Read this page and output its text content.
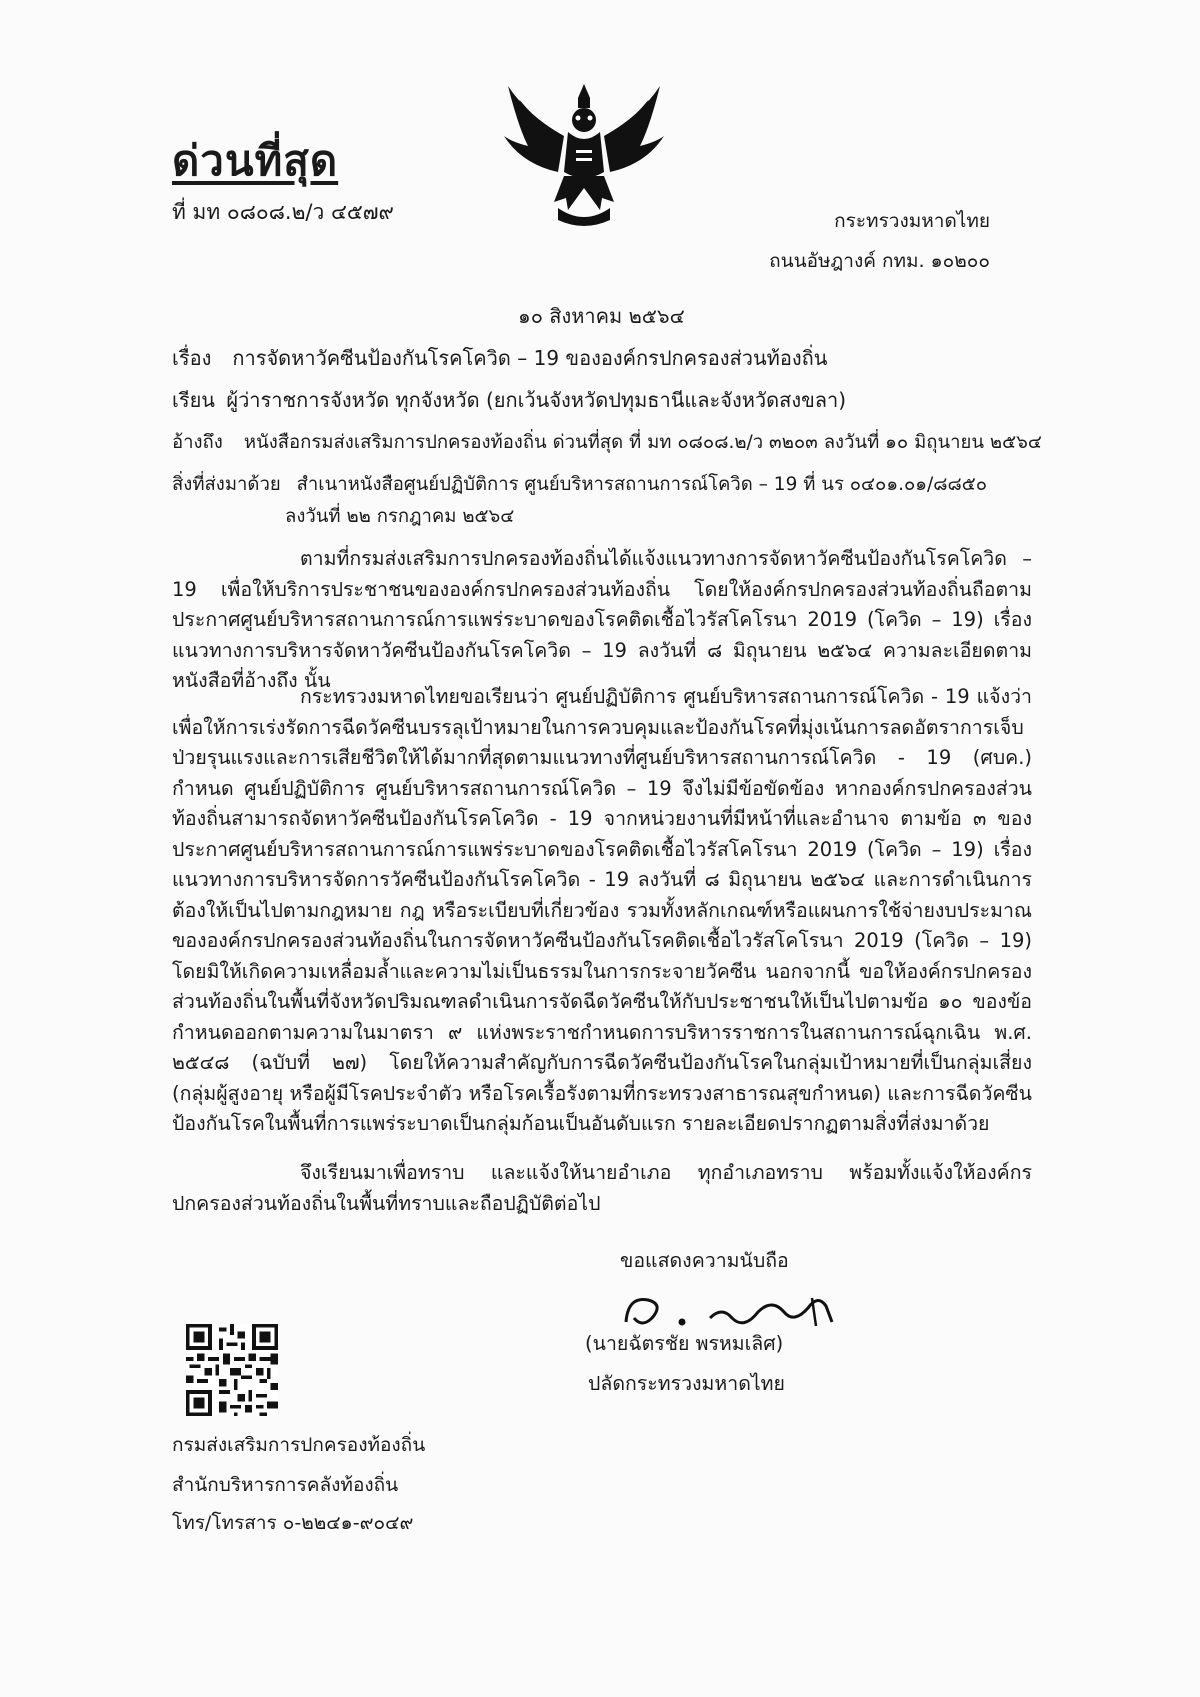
ด่วนที่สุด
ที่ มท ๐๘๐๘.๒/ว ๔๕๗๙	กระทรวงมหาดไทย
ถนนอัษฎางค์ กทม. ๑๐๒๐๐
๑๐ สิงหาคม ๒๕๖๔
เรื่อง การจัดหาวัคซีนป้องกันโรคโควิด – 19 ขององค์กรปกครองส่วนท้องถิ่น
เรียน ผู้ว่าราชการจังหวัด ทุกจังหวัด (ยกเว้นจังหวัดปทุมธานีและจังหวัดสงขลา)
อ้างถึง หนังสือกรมส่งเสริมการปกครองท้องถิ่น ด่วนที่สุด ที่ มท ๐๘๐๘.๒/ว ๓๒๐๓ ลงวันที่ ๑๐ มิถุนายน ๒๕๖๔
สิ่งที่ส่งมาด้วย สำเนาหนังสือศูนย์ปฏิบัติการ ศูนย์บริหารสถานการณ์โควิด – 19 ที่ นร ๐๔๐๑.๐๑/๘๘๕๐
ลงวันที่ ๒๒ กรกฎาคม ๒๕๖๔
ตามที่กรมส่งเสริมการปกครองท้องถิ่นได้แจ้งแนวทางการจัดหาวัคซีนป้องกันโรคโควิด – 19 เพื่อให้บริการประชาชนขององค์กรปกครองส่วนท้องถิ่น โดยให้องค์กรปกครองส่วนท้องถิ่นถือตามประกาศศูนย์บริหารสถานการณ์การแพร่ระบาดของโรคติดเชื้อไวรัสโคโรนา 2019 (โควิด – 19) เรื่อง แนวทางการบริหารจัดหาวัคซีนป้องกันโรคโควิด – 19 ลงวันที่ ๘ มิถุนายน ๒๕๖๔ ความละเอียดตามหนังสือที่อ้างถึง นั้น
กระทรวงมหาดไทยขอเรียนว่า ศูนย์ปฏิบัติการ ศูนย์บริหารสถานการณ์โควิด - 19 แจ้งว่า เพื่อให้การเร่งรัดการฉีดวัคซีนบรรลุเป้าหมายในการควบคุมและป้องกันโรคที่มุ่งเน้นการลดอัตราการเจ็บป่วยรุนแรงและการเสียชีวิตให้ได้มากที่สุดตามแนวทางที่ศูนย์บริหารสถานการณ์โควิด - 19 (ศบค.) กำหนด ศูนย์ปฏิบัติการ ศูนย์บริหารสถานการณ์โควิด – 19 จึงไม่มีข้อขัดข้อง หากองค์กรปกครองส่วนท้องถิ่นสามารถจัดหาวัคซีนป้องกันโรคโควิด - 19 จากหน่วยงานที่มีหน้าที่และอำนาจ ตามข้อ ๓ ของประกาศศูนย์บริหารสถานการณ์การแพร่ระบาดของโรคติดเชื้อไวรัสโคโรนา 2019 (โควิด – 19) เรื่อง แนวทางการบริหารจัดการวัคซีนป้องกันโรคโควิด - 19 ลงวันที่ ๘ มิถุนายน ๒๕๖๔ และการดำเนินการต้องให้เป็นไปตามกฎหมาย กฎ หรือระเบียบที่เกี่ยวข้อง รวมทั้งหลักเกณฑ์หรือแผนการใช้จ่ายงบประมาณขององค์กรปกครองส่วนท้องถิ่นในการจัดหาวัคซีนป้องกันโรคติดเชื้อไวรัสโคโรนา 2019 (โควิด – 19) โดยมิให้เกิดความเหลื่อมล้ำและความไม่เป็นธรรมในการกระจายวัคซีน นอกจากนี้ ขอให้องค์กรปกครองส่วนท้องถิ่นในพื้นที่จังหวัดปริมณฑลดำเนินการจัดฉีดวัคซีนให้กับประชาชนให้เป็นไปตามข้อ ๑๐ ของข้อกำหนดออกตามความในมาตรา ๙ แห่งพระราชกำหนดการบริหารราชการในสถานการณ์ฉุกเฉิน พ.ศ. ๒๕๔๘ (ฉบับที่ ๒๗) โดยให้ความสำคัญกับการฉีดวัคซีนป้องกันโรคในกลุ่มเป้าหมายที่เป็นกลุ่มเสี่ยง (กลุ่มผู้สูงอายุ หรือผู้มีโรคประจำตัว หรือโรคเรื้อรังตามที่กระทรวงสาธารณสุขกำหนด) และการฉีดวัคซีนป้องกันโรคในพื้นที่การแพร่ระบาดเป็นกลุ่มก้อนเป็นอันดับแรก รายละเอียดปรากฏตามสิ่งที่ส่งมาด้วย
จึงเรียนมาเพื่อทราบ และแจ้งให้นายอำเภอ ทุกอำเภอทราบ พร้อมทั้งแจ้งให้องค์กรปกครองส่วนท้องถิ่นในพื้นที่ทราบและถือปฏิบัติต่อไป
ขอแสดงความนับถือ
(นายฉัตรชัย พรหมเลิศ)
ปลัดกระทรวงมหาดไทย
กรมส่งเสริมการปกครองท้องถิ่น
สำนักบริหารการคลังท้องถิ่น
โทร/โทรสาร ๐-๒๒๔๑-๙๐๔๙
